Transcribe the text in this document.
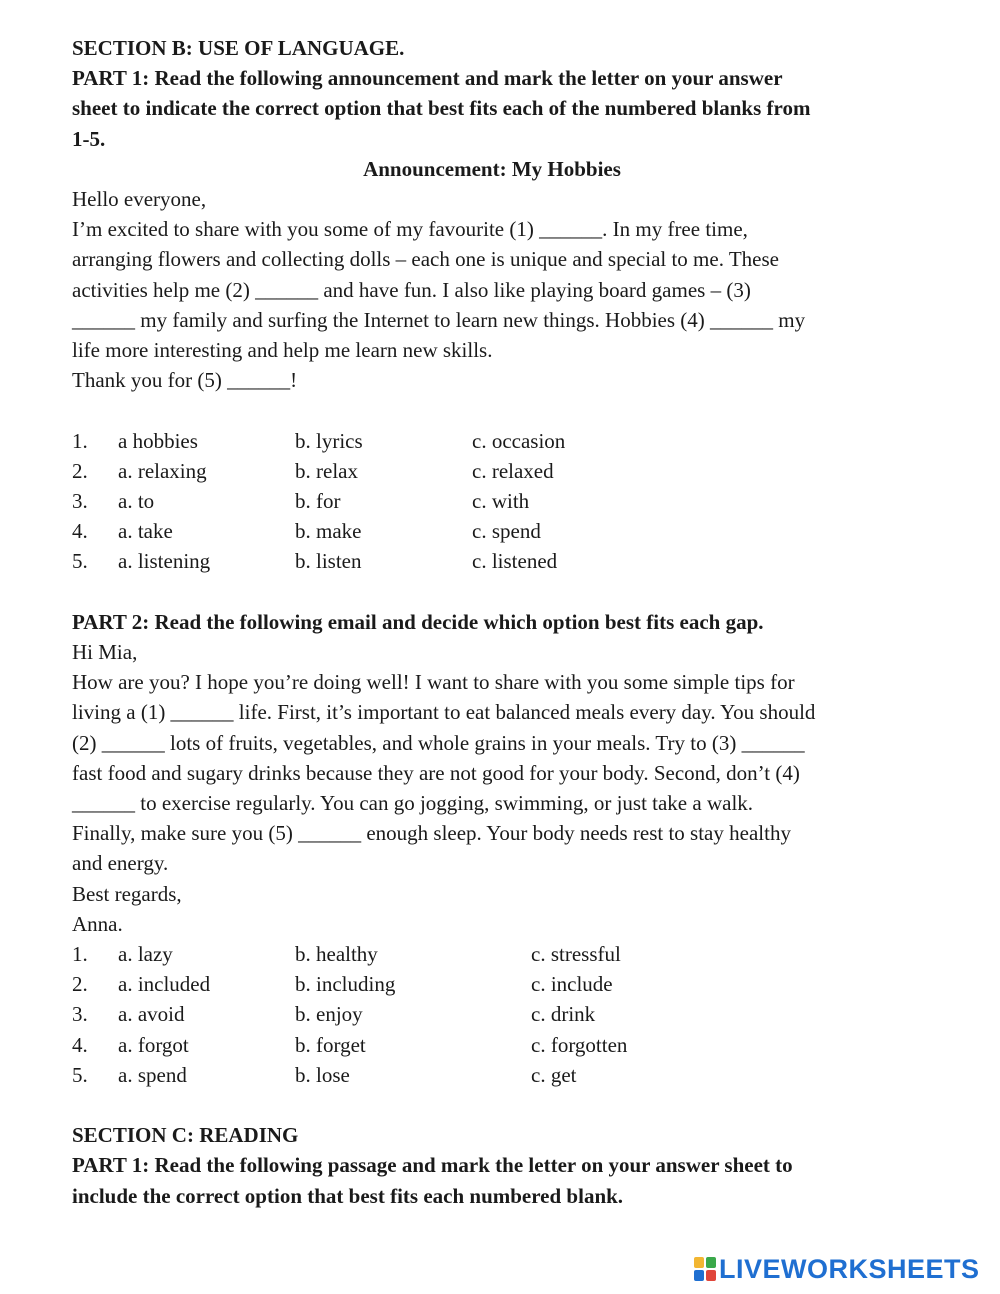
SECTION B: USE OF LANGUAGE.

PART 1: Read the following announcement and mark the letter on your answer

sheet to indicate the correct option that best fits each of the numbered blanks from

1-5.

Announcement: My Hobbies

Hello everyone,

I’m excited to share with you some of my favourite (1) ______. In my free time,

arranging flowers and collecting dolls – each one is unique and special to me. These

activities help me (2) ______ and have fun. I also like playing board games – (3)

______ my family and surfing the Internet to learn new things. Hobbies (4) ______ my

life more interesting and help me learn new skills.

Thank you for (5) ______!

1.	a hobbies	b. lyrics	c. occasion
2.	a. relaxing	b. relax	c. relaxed
3.	a. to	b. for	c. with
4.	a. take	b. make	c. spend
5.	a. listening	b. listen	c. listened

PART 2: Read the following email and decide which option best fits each gap.

Hi Mia,

How are you? I hope you’re doing well! I want to share with you some simple tips for

living a (1) ______ life. First, it’s important to eat balanced meals every day. You should

(2) ______ lots of fruits, vegetables, and whole grains in your meals. Try to (3) ______

fast food and sugary drinks because they are not good for your body. Second, don’t (4)

______ to exercise regularly. You can go jogging, swimming, or just take a walk.

Finally, make sure you (5) ______ enough sleep. Your body needs rest to stay healthy

and energy.

Best regards,

Anna.

1.	a. lazy	b. healthy	c. stressful
2.	a. included	b. including	c. include
3.	a. avoid	b. enjoy	c. drink
4.	a. forgot	b. forget	c. forgotten
5.	a. spend	b. lose	c. get

SECTION C: READING

PART 1: Read the following passage and mark the letter on your answer sheet to

include the correct option that best fits each numbered blank.

LIVEWORKSHEETS
